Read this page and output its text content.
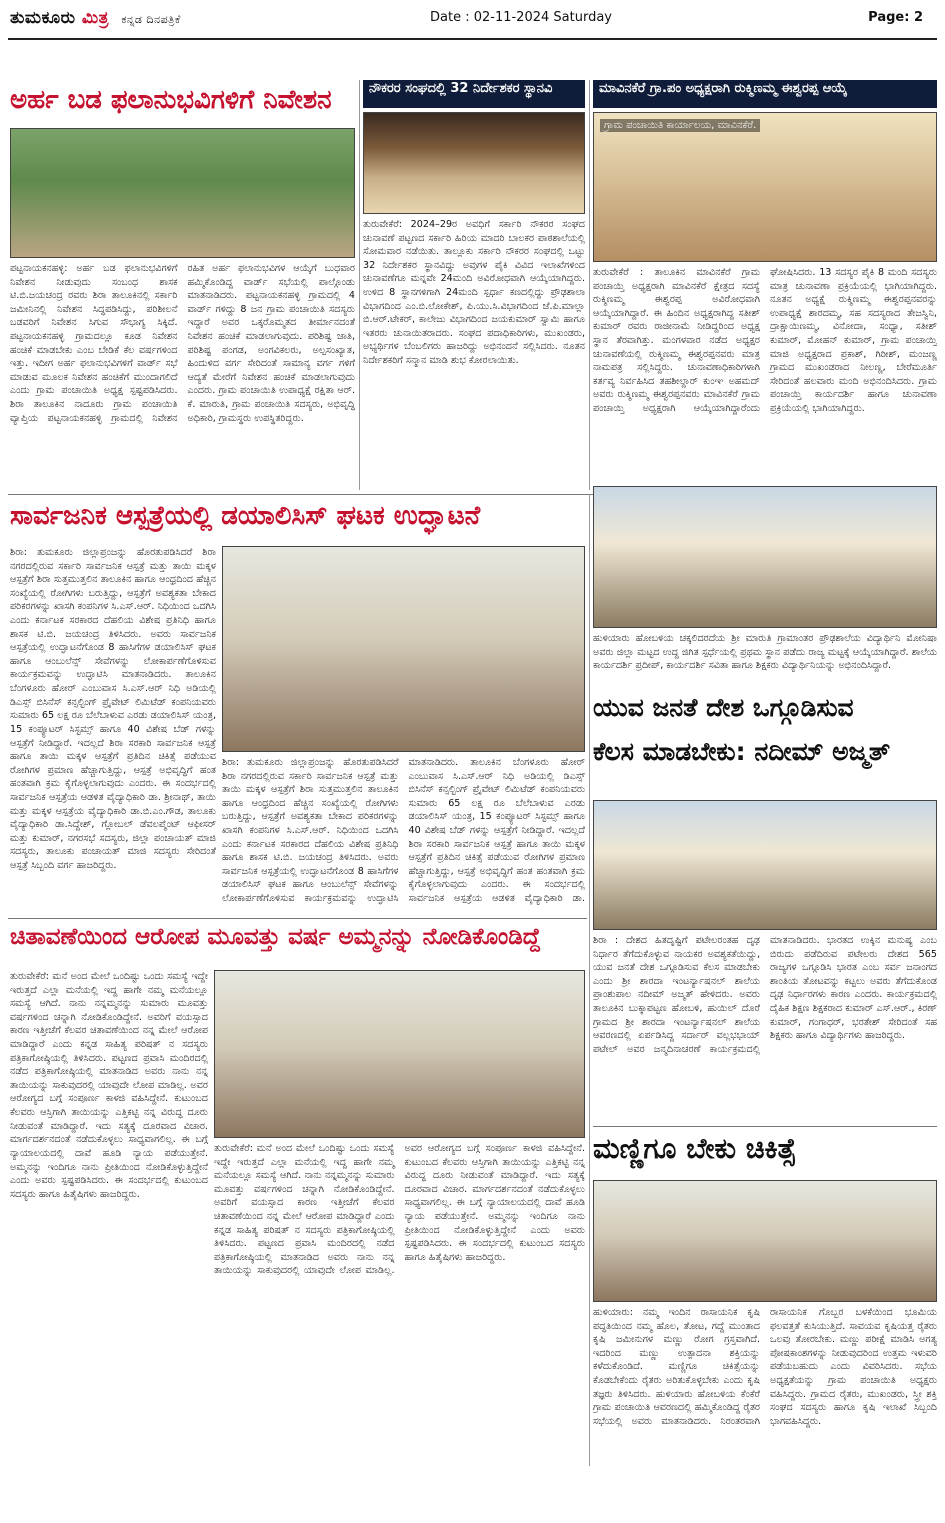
ತುಮಕೂರು ಮಿತ್ರ ಕನ್ನಡ ದಿನಪತ್ರಿಕೆ	Date : 02-11-2024 Saturday	Page: 2
ಅರ್ಹ ಬಡ ಫಲಾನುಭವಿಗಳಿಗೆ ನಿವೇಶನ
ಪಟ್ಟನಾಯಕನಹಳ್ಳಿ: ಅರ್ಹ ಬಡ ಫಲಾನುಭವಿಗಳಿಗೆ ನಿವೇಶನ ನೀಡುವುದು ಸಂಬಂಧ ಶಾಸಕ ಟಿ.ಬಿ.ಜಯಚಂದ್ರ ರವರು ಶಿರಾ ತಾಲೂಕಿನಲ್ಲಿ ಸರ್ಕಾರಿ ಜಮೀನಿನಲ್ಲಿ ನಿವೇಶನ ಸಿದ್ಧಪಡಿಸಿದ್ದು, ಪರಿಶೀಲನೆ ಬಡವರಿಗೆ ನಿವೇಶನ ಸಿಗುವ ಸೌಭಾಗ್ಯ ಸಿಕ್ಕಿದೆ. ಪಟ್ಟನಾಯಕನಹಳ್ಳಿ ಗ್ರಾಮದಲ್ಲೂ ಕೂಡ ನಿವೇಶನ ಹಂಚಿಕೆ ಮಾಡಬೇಕು ಎಂಬ ಬೇಡಿಕೆ ಕೆಲ ವರ್ಷಗಳಿಂದ ಇತ್ತು. ಇದೀಗ ಅರ್ಹ ಫಲಾನುಭವಿಗಳಿಗೆ ವಾರ್ಡ್ ಸಭೆ ಮಾಡುವ ಮೂಲಕ ನಿವೇಶನ ಹಂಚಿಕೆಗೆ ಮುಂದಾಗಲಿದೆ ಎಂದು ಗ್ರಾಮ ಪಂಚಾಯಿತಿ ಅಧ್ಯಕ್ಷ ಸ್ಪಷ್ಟಪಡಿಸಿದರು. ಶಿರಾ ತಾಲೂಕಿನ ನಾದೂರು ಗ್ರಾಮ ಪಂಚಾಯಿತಿ ವ್ಯಾಪ್ತಿಯ ಪಟ್ಟನಾಯಕನಹಳ್ಳಿ ಗ್ರಾಮದಲ್ಲಿ ನಿವೇಶನ ರಹಿತ ಅರ್ಹ ಫಲಾನುಭವಿಗಳ ಆಯ್ಕೆಗೆ ಬುಧವಾರ ಹಮ್ಮಿಕೊಂಡಿದ್ದ ವಾರ್ಡ್ ಸಭೆಯಲ್ಲಿ ಪಾಲ್ಗೊಂಡು ಮಾತನಾಡಿದರು. ಪಟ್ಟನಾಯಕನಹಳ್ಳಿ ಗ್ರಾಮದಲ್ಲಿ 4 ವಾರ್ಡ್ ಗಳಿದ್ದು 8 ಜನ ಗ್ರಾಮ ಪಂಚಾಯಿತಿ ಸದಸ್ಯರು ಇದ್ದಾರೆ ಅವರ ಒಕ್ಕರೊಮ್ಮತದ ತೀರ್ಮಾನದಂತೆ ನಿವೇಶನ ಹಂಚಿಕೆ ಮಾಡಲಾಗುವುದು. ಪರಿಶಿಷ್ಟ ಜಾತಿ, ಪರಿಶಿಷ್ಟ ಪಂಗಡ, ಅಂಗವಿಕಲರು, ಅಲ್ಪಸಂಖ್ಯಾತ, ಹಿಂದುಳಿದ ವರ್ಗ ಸೇರಿದಂತೆ ಸಾಮಾನ್ಯ ವರ್ಗ ಗಳಿಗೆ ಆದ್ಯತೆ ಮೇರೆಗೆ ನಿವೇಶನ ಹಂಚಿಕೆ ಮಾಡಲಾಗುವುದು ಎಂದರು. ಗ್ರಾಮ ಪಂಚಾಯಿತಿ ಉಪಾಧ್ಯಕ್ಷೆ ರಕ್ಷಿತಾ ಆರ್. ಕೆ. ಮಾರುತಿ, ಗ್ರಾಮ ಪಂಚಾಯಿತಿ ಸದಸ್ಯರು, ಅಭಿವೃದ್ಧಿ ಅಧಿಕಾರಿ, ಗ್ರಾಮಸ್ಥರು ಉಪಸ್ಥಿತರಿದ್ದರು.
ನೌಕರರ ಸಂಘದಲ್ಲಿ 32 ನಿರ್ದೇಶಕರ ಸ್ಥಾನವಿ
ತುರುವೇಕೆರೆ: 2024–29ರ ಅವಧಿಗೆ ಸರ್ಕಾರಿ ನೌಕರರ ಸಂಘದ ಚುನಾವಣೆ ಪಟ್ಟಣದ ಸರ್ಕಾರಿ ಹಿರಿಯ ಮಾದರಿ ಬಾಲಕರ ಪಾಠಶಾಲೆಯಲ್ಲಿ ಸೋಮವಾರ ನಡೆಯಿತು. ತಾಲ್ಲೂಕು ಸರ್ಕಾರಿ ನೌಕರರ ಸಂಘದಲ್ಲಿ ಒಟ್ಟು 32 ನಿರ್ದೇಶಕರ ಸ್ಥಾನವಿದ್ದು ಅವುಗಳ ಪೈಕಿ ವಿವಿದ ಇಲಾಖೆಗಳಿಂದ ಚುನಾವಣೆಗೂ ಮನ್ನವೇ 24ಮಂದಿ ಅವಿರೋಧವಾಗಿ ಆಯ್ಕೆಯಾಗಿದ್ದರು. ಉಳಿದ 8 ಸ್ಥಾನಗಳಿಗಾಗಿ 24ಮಂದಿ ಸ್ಪರ್ಧಾ ಕಣದಲ್ಲಿದ್ದು ಪ್ರೌಢಶಾಲಾ ವಿಭಾಗದಿಂದ ಎಂ.ಬಿ.ಲೋಕೇಶ್, ಪಿ.ಯು.ಸಿ.ವಿಭಾಗದಿಂದ ಜೆ.ಪಿ.ಮಾಲ್ಲಾ ಬಿ.ಆರ್.ಟೇಕರ್, ಕಾಲೇಜು ವಿಭಾಗದಿಂದ ಜಯಕುಮಾರ್ ಸ್ವಾಮಿ ಹಾಗೂ ಇತರರು ಚುನಾಯಿತರಾದರು. ಸಂಘದ ಪದಾಧಿಕಾರಿಗಳು, ಮುಖಂಡರು, ಅಭ್ಯರ್ಥಿಗಳ ಬೆಂಬಲಿಗರು ಹಾಜರಿದ್ದು ಅಭಿನಂದನೆ ಸಲ್ಲಿಸಿದರು. ನೂತನ ನಿರ್ದೇಶಕರಿಗೆ ಸನ್ಮಾನ ಮಾಡಿ ಶುಭ ಕೋರಲಾಯಿತು.
ಮಾವಿನಕೆರೆ ಗ್ರಾ.ಪಂ ಅಧ್ಯಕ್ಷರಾಗಿ ರುಕ್ಮಿಣಮ್ಮ ಈಶ್ವರಪ್ಪ ಆಯ್ಕೆ
ಗ್ರಾಮ ಪಂಚಾಯಿತಿ ಕಾರ್ಯಾಲಯ, ಮಾವಿನಕೆರೆ.
ತುರುವೇಕೆರೆ : ತಾಲೂಕಿನ ಮಾವಿನಕೆರೆ ಗ್ರಾಮ ಪಂಚಾಯ್ತಿ ಅಧ್ಯಕ್ಷರಾಗಿ ಮಾವಿನಕೆರೆ ಕ್ಷೇತ್ರದ ಸದಸ್ಯೆ ರುಕ್ಮಿಣಮ್ಮ ಈಶ್ವರಪ್ಪ ಅವಿರೋಧವಾಗಿ ಆಯ್ಕೆಯಾಗಿದ್ದಾರೆ. ಈ ಹಿಂದಿನ ಅಧ್ಯಕ್ಷರಾಗಿದ್ದ ಸತೀಶ್ ಕುಮಾರ್ ರವರು ರಾಜೀನಾಮೆ ನೀಡಿದ್ದರಿಂದ ಅಧ್ಯಕ್ಷ ಸ್ಥಾನ ತೆರವಾಗಿತ್ತು. ಮಂಗಳವಾರ ನಡೆದ ಅಧ್ಯಕ್ಷರ ಚುನಾವಣೆಯಲ್ಲಿ ರುಕ್ಮಿಣಮ್ಮ ಈಶ್ವರಪ್ಪನವರು ಮಾತ್ರ ನಾಮಪತ್ರ ಸಲ್ಲಿಸಿದ್ದರು. ಚುನಾವಣಾಧಿಕಾರಿಗಳಾಗಿ ಕರ್ತವ್ಯ ನಿರ್ವಹಿಸಿದ ತಹಶೀಲ್ದಾರ್ ಕುಂಞ ಅಹಮದ್ ಅವರು ರುಕ್ಮಿಣಮ್ಮ ಈಶ್ವರಪ್ಪನವರು ಮಾವಿನಕೆರೆ ಗ್ರಾಮ ಪಂಚಾಯ್ತಿ ಅಧ್ಯಕ್ಷರಾಗಿ ಆಯ್ಕೆಯಾಗಿದ್ದಾರೆಂದು ಘೋಷಿಸಿದರು. 13 ಸದಸ್ಯರ ಪೈಕಿ 8 ಮಂದಿ ಸದಸ್ಯರು ಮಾತ್ರ ಚುನಾವಣಾ ಪ್ರಕ್ರಿಯೆಯಲ್ಲಿ ಭಾಗಿಯಾಗಿದ್ದರು. ನೂತನ ಅಧ್ಯಕ್ಷೆ ರುಕ್ಮಿಣಮ್ಮ ಈಶ್ವರಪ್ಪನವರನ್ನು ಉಪಾಧ್ಯಕ್ಷೆ ಶಾರದಮ್ಮ, ಸಹ ಸದಸ್ಯರಾದ ತೇಜಸ್ವಿನಿ, ದ್ರಾಕ್ಷಾಯಿಣಮ್ಮ, ವಿನೋದಾ, ಸಂಧ್ಯಾ, ಸತೀಶ್ ಕುಮಾರ್, ಮೋಹನ್ ಕುಮಾರ್, ಗ್ರಾಮ ಪಂಚಾಯ್ತಿ ಮಾಜಿ ಅಧ್ಯಕ್ಷರಾದ ಪ್ರಕಾಶ್, ಗಿರೀಶ್, ಮಂಜಣ್ಣ ಗ್ರಾಮದ ಮುಖಂಡರಾದ ನೀಲಣ್ಣ, ಬೇರೆಮೂರ್ತಿ ಸೇರಿದಂತೆ ಹಲವಾರು ಮಂದಿ ಅಭಿನಂದಿಸಿದರು. ಗ್ರಾಮ ಪಂಚಾಯ್ತಿ ಕಾರ್ಯದರ್ಶಿ ಹಾಗೂ ಚುನಾವಣಾ ಪ್ರಕ್ರಿಯೆಯಲ್ಲಿ ಭಾಗಿಯಾಗಿದ್ದರು.
ಸಾರ್ವಜನಿಕ ಆಸ್ಪತ್ರೆಯಲ್ಲಿ ಡಯಾಲಿಸಿಸ್ ಘಟಕ ಉದ್ಘಾಟನೆ
ಶಿರಾ: ತುಮಕೂರು ಜಿಲ್ಲಾಪ್ರಂಜನ್ನು ಹೊರತುಪಡಿಸಿದರೆ ಶಿರಾ ನಗರದಲ್ಲಿರುವ ಸರ್ಕಾರಿ ಸಾರ್ವಜನಿಕ ಆಸ್ಪತ್ರೆ ಮತ್ತು ತಾಯಿ ಮಕ್ಕಳ ಆಸ್ಪತ್ರೆಗೆ ಶಿರಾ ಸುತ್ತಮುತ್ತಲಿನ ತಾಲೂಕಿನ ಹಾಗೂ ಆಂಧ್ರದಿಂದ ಹೆಚ್ಚಿನ ಸಂಖ್ಯೆಯಲ್ಲಿ ರೋಗಿಗಳು ಬರುತ್ತಿದ್ದು, ಆಸ್ಪತ್ರೆಗೆ ಅವಶ್ಯಕತಾ ಬೇಕಾದ ಪರಿಕರಗಳನ್ನು ಖಾಸಗಿ ಕಂಪನಿಗಳ ಸಿ.ಎಸ್.ಆರ್. ನಿಧಿಯಿಂದ ಒದಗಿಸಿ ಎಂದು ಕರ್ನಾಟಕ ಸರಕಾರದ ದೆಹಲಿಯ ವಿಶೇಷ ಪ್ರತಿನಿಧಿ ಹಾಗೂ ಶಾಸಕ ಟಿ.ಬಿ. ಜಯಚಂದ್ರ ತಿಳಿಸಿದರು. ಅವರು ಸಾರ್ವಜನಿಕ ಆಸ್ಪತ್ರೆಯಲ್ಲಿ ಉದ್ಘಾಟನೆಗೊಂಡ 8 ಹಾಸಿಗೆಗಳ ಡಯಾಲಿಸಿಸ್ ಘಟಕ ಹಾಗೂ ಆಂಬುಲೆನ್ಸ್ ಸೇವೆಗಳನ್ನು ಲೋಕಾರ್ಪಣೆಗೊಳಿಸುವ ಕಾರ್ಯಕ್ರಮವನ್ನು ಉದ್ಘಾಟಿಸಿ ಮಾತನಾಡಿದರು. ತಾಲೂಕಿನ ಬೆಂಗಳೂರು ಹೋರ್ ಎಂಬುವಾಸ ಸಿ.ಎಸ್.ಆರ್ ನಿಧಿ ಅಡಿಯಲ್ಲಿ ಡಿಎಸ್ಸ್ ಬಿಸಿನೆಸ್ ಕನ್ಸಲ್ಟಿಂಗ್ ಪ್ರೈವೇಟ್ ಲಿಮಿಟೆಡ್ ಕಂಪನಿಯವರು ಸುಮಾರು 65 ಲಕ್ಷ ರೂ ಬೆಲೆಬಾಳುವ ಎರಡು ಡಯಾಲಿಸಿಸ್ ಯಂತ್ರ, 15 ಕಂಪ್ಯೂಟರ್ ಸಿಸ್ಟಮ್ಸ್ ಹಾಗೂ 40 ವಿಶೇಷ ಬೆಡ್ ಗಳನ್ನು ಆಸ್ಪತ್ರೆಗೆ ನೀಡಿದ್ದಾರೆ. ಇದಲ್ಲದೆ ಶಿರಾ ಸರಕಾರಿ ಸಾರ್ವಜನಿಕ ಆಸ್ಪತ್ರೆ ಹಾಗೂ ತಾಯಿ ಮಕ್ಕಳ ಆಸ್ಪತ್ರೆಗೆ ಪ್ರತಿದಿನ ಚಿಕಿತ್ಸೆ ಪಡೆಯುವ ರೋಗಿಗಳ ಪ್ರಮಾಣ ಹೆಚ್ಚಾಗುತ್ತಿದ್ದು, ಆಸ್ಪತ್ರೆ ಅಭಿವೃದ್ಧಿಗೆ ಹಂತ ಹಂತವಾಗಿ ಕ್ರಮ ಕೈಗೊಳ್ಳಲಾಗುವುದು ಎಂದರು. ಈ ಸಂದರ್ಭದಲ್ಲಿ ಸಾರ್ವಜನಿಕ ಆಸ್ಪತ್ರೆಯ ಆಡಳಿತ ವೈದ್ಯಾಧಿಕಾರಿ ಡಾ. ಶ್ರೀನಾಥ್, ತಾಯಿ ಮತ್ತು ಮಕ್ಕಳ ಆಸ್ಪತ್ರೆಯ ವೈದ್ಯಾಧಿಕಾರಿ ಡಾ.ಬಿ.ಎಂ.ಗೌಡ, ತಾಲೂಕು ವೈದ್ಯಾಧಿಕಾರಿ ಡಾ.ಸಿದ್ದೇಶ್, ಗ್ಲೋಬಲ್ ಡೆವಲಪ್ಮೆಂಟ್ ಆಫೀಸರ್ ಮತ್ತು ಕುಮಾರ್, ನಗರಸಭೆ ಸದಸ್ಯರು, ಜಿಲ್ಲಾ ಪಂಚಾಯತ್ ಮಾಜಿ ಸದಸ್ಯರು, ತಾಲೂಕು ಪಂಚಾಯತ್ ಮಾಜಿ ಸದಸ್ಯರು ಸೇರಿದಂತೆ ಆಸ್ಪತ್ರೆ ಸಿಬ್ಬಂದಿ ವರ್ಗ ಹಾಜರಿದ್ದರು.
ಶಿರಾ: ತುಮಕೂರು ಜಿಲ್ಲಾಪ್ರಂಜನ್ನು ಹೊರತುಪಡಿಸಿದರೆ ಶಿರಾ ನಗರದಲ್ಲಿರುವ ಸರ್ಕಾರಿ ಸಾರ್ವಜನಿಕ ಆಸ್ಪತ್ರೆ ಮತ್ತು ತಾಯಿ ಮಕ್ಕಳ ಆಸ್ಪತ್ರೆಗೆ ಶಿರಾ ಸುತ್ತಮುತ್ತಲಿನ ತಾಲೂಕಿನ ಹಾಗೂ ಆಂಧ್ರದಿಂದ ಹೆಚ್ಚಿನ ಸಂಖ್ಯೆಯಲ್ಲಿ ರೋಗಿಗಳು ಬರುತ್ತಿದ್ದು, ಆಸ್ಪತ್ರೆಗೆ ಅವಶ್ಯಕತಾ ಬೇಕಾದ ಪರಿಕರಗಳನ್ನು ಖಾಸಗಿ ಕಂಪನಿಗಳ ಸಿ.ಎಸ್.ಆರ್. ನಿಧಿಯಿಂದ ಒದಗಿಸಿ ಎಂದು ಕರ್ನಾಟಕ ಸರಕಾರದ ದೆಹಲಿಯ ವಿಶೇಷ ಪ್ರತಿನಿಧಿ ಹಾಗೂ ಶಾಸಕ ಟಿ.ಬಿ. ಜಯಚಂದ್ರ ತಿಳಿಸಿದರು. ಅವರು ಸಾರ್ವಜನಿಕ ಆಸ್ಪತ್ರೆಯಲ್ಲಿ ಉದ್ಘಾಟನೆಗೊಂಡ 8 ಹಾಸಿಗೆಗಳ ಡಯಾಲಿಸಿಸ್ ಘಟಕ ಹಾಗೂ ಆಂಬುಲೆನ್ಸ್ ಸೇವೆಗಳನ್ನು ಲೋಕಾರ್ಪಣೆಗೊಳಿಸುವ ಕಾರ್ಯಕ್ರಮವನ್ನು ಉದ್ಘಾಟಿಸಿ ಮಾತನಾಡಿದರು. ತಾಲೂಕಿನ ಬೆಂಗಳೂರು ಹೋರ್ ಎಂಬುವಾಸ ಸಿ.ಎಸ್.ಆರ್ ನಿಧಿ ಅಡಿಯಲ್ಲಿ ಡಿಎಸ್ಸ್ ಬಿಸಿನೆಸ್ ಕನ್ಸಲ್ಟಿಂಗ್ ಪ್ರೈವೇಟ್ ಲಿಮಿಟೆಡ್ ಕಂಪನಿಯವರು ಸುಮಾರು 65 ಲಕ್ಷ ರೂ ಬೆಲೆಬಾಳುವ ಎರಡು ಡಯಾಲಿಸಿಸ್ ಯಂತ್ರ, 15 ಕಂಪ್ಯೂಟರ್ ಸಿಸ್ಟಮ್ಸ್ ಹಾಗೂ 40 ವಿಶೇಷ ಬೆಡ್ ಗಳನ್ನು ಆಸ್ಪತ್ರೆಗೆ ನೀಡಿದ್ದಾರೆ. ಇದಲ್ಲದೆ ಶಿರಾ ಸರಕಾರಿ ಸಾರ್ವಜನಿಕ ಆಸ್ಪತ್ರೆ ಹಾಗೂ ತಾಯಿ ಮಕ್ಕಳ ಆಸ್ಪತ್ರೆಗೆ ಪ್ರತಿದಿನ ಚಿಕಿತ್ಸೆ ಪಡೆಯುವ ರೋಗಿಗಳ ಪ್ರಮಾಣ ಹೆಚ್ಚಾಗುತ್ತಿದ್ದು, ಆಸ್ಪತ್ರೆ ಅಭಿವೃದ್ಧಿಗೆ ಹಂತ ಹಂತವಾಗಿ ಕ್ರಮ ಕೈಗೊಳ್ಳಲಾಗುವುದು ಎಂದರು. ಈ ಸಂದರ್ಭದಲ್ಲಿ ಸಾರ್ವಜನಿಕ ಆಸ್ಪತ್ರೆಯ ಆಡಳಿತ ವೈದ್ಯಾಧಿಕಾರಿ ಡಾ.
ಹುಳಿಯಾರು ಹೋಬಳಿಯ ಚಕ್ಕಲಿದರದೆಯ ಶ್ರೀ ಮಾರುತಿ ಗ್ರಾಮಾಂತರ ಪ್ರೌಢಶಾಲೆಯ ವಿದ್ಯಾರ್ಥಿನಿ ಮೋನಿಷಾ ಅವರು ಜಿಲ್ಲಾ ಮಟ್ಟದ ಉದ್ದ ಜಿಗಿತ ಸ್ಪರ್ಧೆಯಲ್ಲಿ ಪ್ರಥಮ ಸ್ಥಾನ ಪಡೆದು ರಾಜ್ಯ ಮಟ್ಟಕ್ಕೆ ಆಯ್ಕೆಯಾಗಿದ್ದಾರೆ. ಶಾಲೆಯ ಕಾರ್ಯದರ್ಶಿ ಪ್ರದೀಪ್, ಕಾರ್ಯದರ್ಶಿ ಸವಿತಾ ಹಾಗೂ ಶಿಕ್ಷಕರು ವಿದ್ಯಾರ್ಥಿನಿಯನ್ನು ಅಭಿನಂದಿಸಿದ್ದಾರೆ.
ಯುವ ಜನತೆ ದೇಶ ಒಗ್ಗೂಡಿಸುವ
ಕೆಲಸ ಮಾಡಬೇಕು: ನದೀಮ್ ಅಜ್ಮತ್
ಶಿರಾ : ದೇಶದ ಹಿತದೃಷ್ಟಿಗೆ ಪಟೇಲರಂತಹ ದೃಢ ನಿರ್ಧಾರ ತೆಗೆದುಕೊಳ್ಳುವ ನಾಯಕರ ಅವಶ್ಯಕತೆಯಿದ್ದು, ಯುವ ಜನತೆ ದೇಶ ಒಗ್ಗೂಡಿಸುವ ಕೆಲಸ ಮಾಡಬೇಕು ಎಂದು ಶ್ರೀ ಶಾರದಾ ಇಂಟರ್ನ್ಯಾಷನಲ್ ಶಾಲೆಯ ಪ್ರಾಂಶುಪಾಲ ನದೀಮ್ ಅಜ್ಮತ್ ಹೇಳಿದರು. ಅವರು ತಾಲೂಕಿನ ಬುಕ್ಕಾಪಟ್ಟಣ ಹೋಬಳಿ, ಹುಯಿಲ್ ದೊರೆ ಗ್ರಾಮದ ಶ್ರೀ ಶಾರದಾ ಇಂಟರ್ನ್ಯಾಷನಲ್ ಶಾಲೆಯ ಆವರಣದಲ್ಲಿ ಏರ್ಪಡಿಸಿದ್ದ ಸರ್ದಾರ್ ವಲ್ಲಭಭಾಯ್ ಪಟೇಲ್ ಅವರ ಜನ್ಮದಿನಾಚರಣೆ ಕಾರ್ಯಕ್ರಮದಲ್ಲಿ ಮಾತನಾಡಿದರು. ಭಾರತದ ಉಕ್ಕಿನ ಮನುಷ್ಯ ಎಂಬ ಬಿರುದು ಪಡೆದಿರುವ ಪಟೇಲರು ದೇಶದ 565 ರಾಜ್ಯಗಳ ಒಗ್ಗೂಡಿಸಿ ಭಾರತ ಎಂಬ ಸರ್ವ ಜನಾಂಗದ ಶಾಂತಿಯ ತೋಟವನ್ನು ಕಟ್ಟಲು ಅವರು ತೆಗೆದುಕೊಂಡ ದೃಢ ನಿರ್ಧಾರಗಳು ಕಾರಣ ಎಂದರು. ಕಾರ್ಯಕ್ರಮದಲ್ಲಿ ದೈಹಿಕ ಶಿಕ್ಷಣ ಶಿಕ್ಷಕರಾದ ಕುಮಾರ್ ಎಸ್.ಆರ್., ಕಿರಣ್ ಕುಮಾರ್, ಗಂಗಾಧರ್, ಭರತೇಶ್ ಸೇರಿದಂತೆ ಸಹ ಶಿಕ್ಷಕರು ಹಾಗೂ ವಿದ್ಯಾರ್ಥಿಗಳು ಹಾಜರಿದ್ದರು.
ಚಿತಾವಣೆಯಿಂದ ಆರೋಪ ಮೂವತ್ತು ವರ್ಷ ಅಮ್ಮನನ್ನು ನೋಡಿಕೊಂಡಿದ್ದೆ
ತುರುವೇಕೆರೆ: ಮನೆ ಅಂದ ಮೇಲೆ ಒಂದಿಷ್ಟು ಒಂದು ಸಮಸ್ಯೆ ಇದ್ದೇ ಇರುತ್ತದೆ ಎಲ್ಲಾ ಮನೆಯಲ್ಲಿ ಇದ್ದ ಹಾಗೇ ನಮ್ಮ ಮನೆಯಲ್ಲೂ ಸಮಸ್ಯೆ ಆಗಿದೆ. ನಾನು ನನ್ನಮ್ಮನನ್ನು ಸುಮಾರು ಮೂವತ್ತು ವರ್ಷಗಳಿಂದ ಚನ್ನಾಗಿ ನೋಡಿಕೊಂಡಿದ್ದೇನೆ. ಅವರಿಗೆ ವಯಸ್ಸಾದ ಕಾರಣ ಇತ್ತೀಚೆಗೆ ಕೆಲವರ ಚಿತಾವಣೆಯಿಂದ ನನ್ನ ಮೇಲೆ ಆರೋಪ ಮಾಡಿದ್ದಾರೆ ಎಂದು ಕನ್ನಡ ಸಾಹಿತ್ಯ ಪರಿಷತ್ ನ ಸದಸ್ಯರು ಪತ್ರಿಕಾಗೋಷ್ಠಿಯಲ್ಲಿ ತಿಳಿಸಿದರು. ಪಟ್ಟಣದ ಪ್ರವಾಸಿ ಮಂದಿರದಲ್ಲಿ ನಡೆದ ಪತ್ರಿಕಾಗೋಷ್ಠಿಯಲ್ಲಿ ಮಾತನಾಡಿದ ಅವರು ನಾನು ನನ್ನ ತಾಯಿಯನ್ನು ಸಾಕುವುದರಲ್ಲಿ ಯಾವುದೇ ಲೋಪ ಮಾಡಿಲ್ಲ. ಅವರ ಆರೋಗ್ಯದ ಬಗ್ಗೆ ಸಂಪೂರ್ಣ ಕಾಳಜಿ ವಹಿಸಿದ್ದೇನೆ. ಕುಟುಂಬದ ಕೆಲವರು ಆಸ್ತಿಗಾಗಿ ತಾಯಿಯನ್ನು ಎತ್ತಿಕಟ್ಟಿ ನನ್ನ ವಿರುದ್ಧ ದೂರು ನೀಡುವಂತೆ ಮಾಡಿದ್ದಾರೆ. ಇದು ಸತ್ಯಕ್ಕೆ ದೂರವಾದ ವಿಚಾರ. ಮಾರ್ಗದರ್ಶನದಂತೆ ನಡೆದುಕೊಳ್ಳಲು ಸಾಧ್ಯವಾಗಲಿಲ್ಲ. ಈ ಬಗ್ಗೆ ನ್ಯಾಯಾಲಯದಲ್ಲಿ ದಾವೆ ಹೂಡಿ ನ್ಯಾಯ ಪಡೆಯುತ್ತೇನೆ. ಅಮ್ಮನನ್ನು ಇಂದಿಗೂ ನಾನು ಪ್ರೀತಿಯಿಂದ ನೋಡಿಕೊಳ್ಳುತ್ತಿದ್ದೇನೆ ಎಂದು ಅವರು ಸ್ಪಷ್ಟಪಡಿಸಿದರು. ಈ ಸಂದರ್ಭದಲ್ಲಿ ಕುಟುಂಬದ ಸದಸ್ಯರು ಹಾಗೂ ಹಿತೈಷಿಗಳು ಹಾಜರಿದ್ದರು.
ತುರುವೇಕೆರೆ: ಮನೆ ಅಂದ ಮೇಲೆ ಒಂದಿಷ್ಟು ಒಂದು ಸಮಸ್ಯೆ ಇದ್ದೇ ಇರುತ್ತದೆ ಎಲ್ಲಾ ಮನೆಯಲ್ಲಿ ಇದ್ದ ಹಾಗೇ ನಮ್ಮ ಮನೆಯಲ್ಲೂ ಸಮಸ್ಯೆ ಆಗಿದೆ. ನಾನು ನನ್ನಮ್ಮನನ್ನು ಸುಮಾರು ಮೂವತ್ತು ವರ್ಷಗಳಿಂದ ಚನ್ನಾಗಿ ನೋಡಿಕೊಂಡಿದ್ದೇನೆ. ಅವರಿಗೆ ವಯಸ್ಸಾದ ಕಾರಣ ಇತ್ತೀಚೆಗೆ ಕೆಲವರ ಚಿತಾವಣೆಯಿಂದ ನನ್ನ ಮೇಲೆ ಆರೋಪ ಮಾಡಿದ್ದಾರೆ ಎಂದು ಕನ್ನಡ ಸಾಹಿತ್ಯ ಪರಿಷತ್ ನ ಸದಸ್ಯರು ಪತ್ರಿಕಾಗೋಷ್ಠಿಯಲ್ಲಿ ತಿಳಿಸಿದರು. ಪಟ್ಟಣದ ಪ್ರವಾಸಿ ಮಂದಿರದಲ್ಲಿ ನಡೆದ ಪತ್ರಿಕಾಗೋಷ್ಠಿಯಲ್ಲಿ ಮಾತನಾಡಿದ ಅವರು ನಾನು ನನ್ನ ತಾಯಿಯನ್ನು ಸಾಕುವುದರಲ್ಲಿ ಯಾವುದೇ ಲೋಪ ಮಾಡಿಲ್ಲ. ಅವರ ಆರೋಗ್ಯದ ಬಗ್ಗೆ ಸಂಪೂರ್ಣ ಕಾಳಜಿ ವಹಿಸಿದ್ದೇನೆ. ಕುಟುಂಬದ ಕೆಲವರು ಆಸ್ತಿಗಾಗಿ ತಾಯಿಯನ್ನು ಎತ್ತಿಕಟ್ಟಿ ನನ್ನ ವಿರುದ್ಧ ದೂರು ನೀಡುವಂತೆ ಮಾಡಿದ್ದಾರೆ. ಇದು ಸತ್ಯಕ್ಕೆ ದೂರವಾದ ವಿಚಾರ. ಮಾರ್ಗದರ್ಶನದಂತೆ ನಡೆದುಕೊಳ್ಳಲು ಸಾಧ್ಯವಾಗಲಿಲ್ಲ. ಈ ಬಗ್ಗೆ ನ್ಯಾಯಾಲಯದಲ್ಲಿ ದಾವೆ ಹೂಡಿ ನ್ಯಾಯ ಪಡೆಯುತ್ತೇನೆ. ಅಮ್ಮನನ್ನು ಇಂದಿಗೂ ನಾನು ಪ್ರೀತಿಯಿಂದ ನೋಡಿಕೊಳ್ಳುತ್ತಿದ್ದೇನೆ ಎಂದು ಅವರು ಸ್ಪಷ್ಟಪಡಿಸಿದರು. ಈ ಸಂದರ್ಭದಲ್ಲಿ ಕುಟುಂಬದ ಸದಸ್ಯರು ಹಾಗೂ ಹಿತೈಷಿಗಳು ಹಾಜರಿದ್ದರು.
ಮಣ್ಣಿಗೂ ಬೇಕು ಚಿಕಿತ್ಸೆ
ಹುಳಿಯಾರು: ನಮ್ಮ ಇಂದಿನ ರಾಸಾಯನಿಕ ಕೃಷಿ ಪದ್ಧತಿಯಿಂದ ನಮ್ಮ ಹೊಲ, ತೋಟ, ಗದ್ದೆ ಮುಂತಾದ ಕೃಷಿ ಜಮೀನುಗಳ ಮಣ್ಣು ರೋಗ ಗ್ರಸ್ತವಾಗಿದೆ. ಇದರಿಂದ ಮಣ್ಣು ಉತ್ಪಾದನಾ ಶಕ್ತಿಯನ್ನು ಕಳೆದುಕೊಂಡಿದೆ. ಮಣ್ಣಿಗೂ ಚಿಕಿತ್ಸೆಯನ್ನು ಕೊಡಬೇಕೆಂದು ರೈತರು ಅರಿತುಕೊಳ್ಳಬೇಕು ಎಂದು ಕೃಷಿ ತಜ್ಞರು ತಿಳಿಸಿದರು. ಹುಳಿಯಾರು ಹೋಬಳಿಯ ಕೆಂಕೆರೆ ಗ್ರಾಮ ಪಂಚಾಯಿತಿ ಆವರಣದಲ್ಲಿ ಹಮ್ಮಿಕೊಂಡಿದ್ದ ರೈತರ ಸಭೆಯಲ್ಲಿ ಅವರು ಮಾತನಾಡಿದರು. ನಿರಂತರವಾಗಿ ರಾಸಾಯನಿಕ ಗೊಬ್ಬರ ಬಳಕೆಯಿಂದ ಭೂಮಿಯ ಫಲವತ್ತತೆ ಕುಸಿಯುತ್ತಿದೆ. ಸಾವಯವ ಕೃಷಿಯತ್ತ ರೈತರು ಒಲವು ತೋರಬೇಕು. ಮಣ್ಣು ಪರೀಕ್ಷೆ ಮಾಡಿಸಿ ಅಗತ್ಯ ಪೋಷಕಾಂಶಗಳನ್ನು ನೀಡುವುದರಿಂದ ಉತ್ತಮ ಇಳುವರಿ ಪಡೆಯಬಹುದು ಎಂದು ವಿವರಿಸಿದರು. ಸಭೆಯ ಅಧ್ಯಕ್ಷತೆಯನ್ನು ಗ್ರಾಮ ಪಂಚಾಯಿತಿ ಅಧ್ಯಕ್ಷರು ವಹಿಸಿದ್ದರು. ಗ್ರಾಮದ ರೈತರು, ಮುಖಂಡರು, ಸ್ತ್ರೀ ಶಕ್ತಿ ಸಂಘದ ಸದಸ್ಯರು ಹಾಗೂ ಕೃಷಿ ಇಲಾಖೆ ಸಿಬ್ಬಂದಿ ಭಾಗವಹಿಸಿದ್ದರು.
